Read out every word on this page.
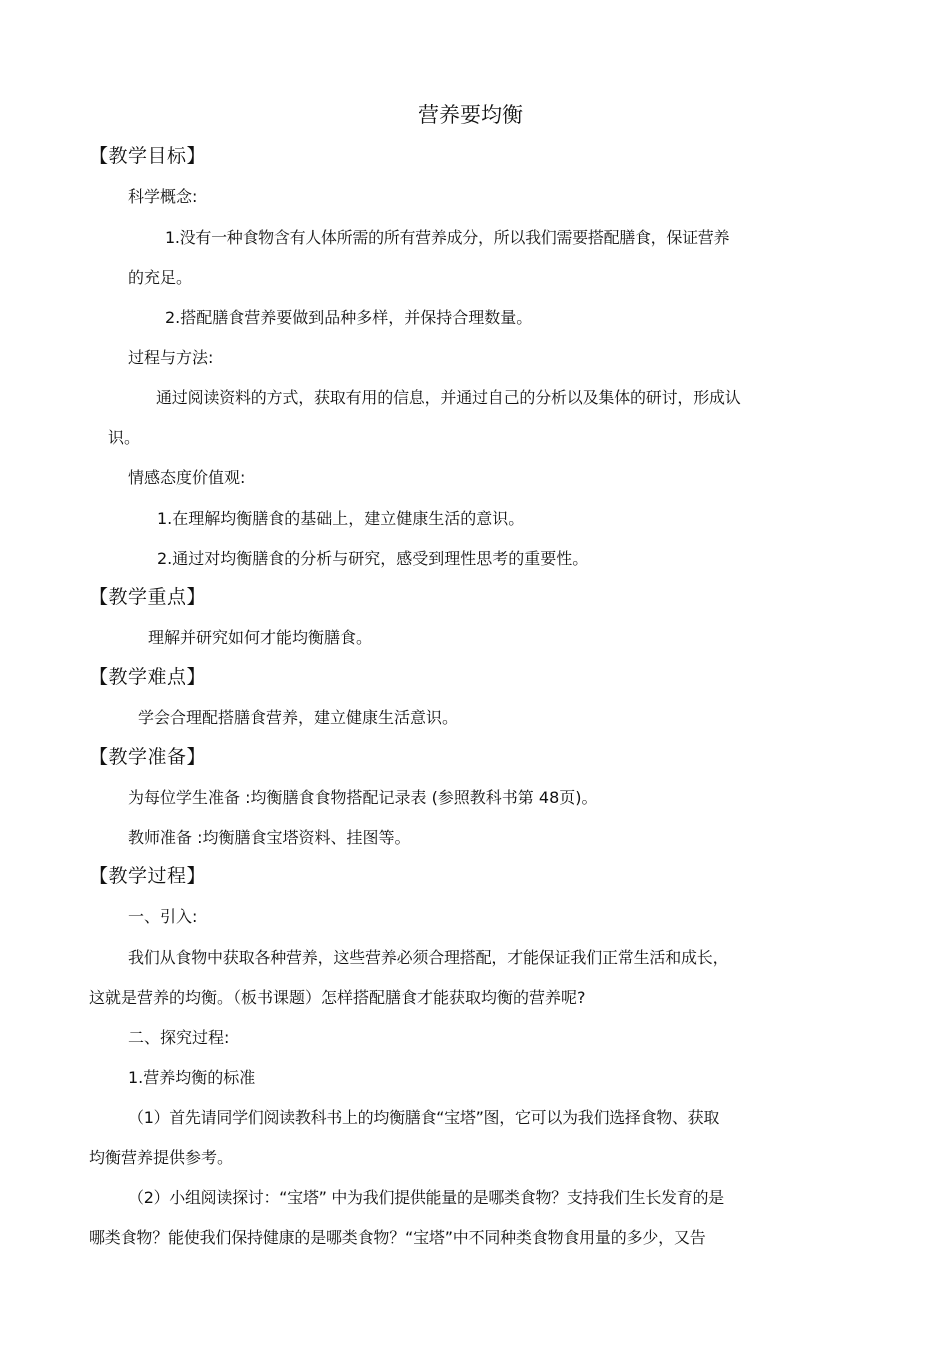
营养要均衡
【教学目标】
科学概念:
1.没有一种食物含有人体所需的所有营养成分，所以我们需要搭配膳食，保证营养
的充足。
2.搭配膳食营养要做到品种多样，并保持合理数量。
过程与方法:
通过阅读资料的方式，获取有用的信息，并通过自己的分析以及集体的研讨，形成认
识。
情感态度价值观:
1.在理解均衡膳食的基础上，建立健康生活的意识。
2.通过对均衡膳食的分析与研究，感受到理性思考的重要性。
【教学重点】
理解并研究如何才能均衡膳食。
【教学难点】
学会合理配搭膳食营养，建立健康生活意识。
【教学准备】
为每位学生准备 :均衡膳食食物搭配记录表 (参照教科书第 48页)。
教师准备 :均衡膳食宝塔资料、挂图等。
【教学过程】
一、引入:
我们从食物中获取各种营养，这些营养必须合理搭配，才能保证我们正常生活和成长，
这就是营养的均衡。（板书课题）怎样搭配膳食才能获取均衡的营养呢?
二、探究过程:
1.营养均衡的标准
（1）首先请同学们阅读教科书上的均衡膳食“宝塔”图，它可以为我们选择食物、获取
均衡营养提供参考。
（2）小组阅读探讨：“宝塔” 中为我们提供能量的是哪类食物？支持我们生长发育的是
哪类食物？能使我们保持健康的是哪类食物？“宝塔”中不同种类食物食用量的多少，又告
